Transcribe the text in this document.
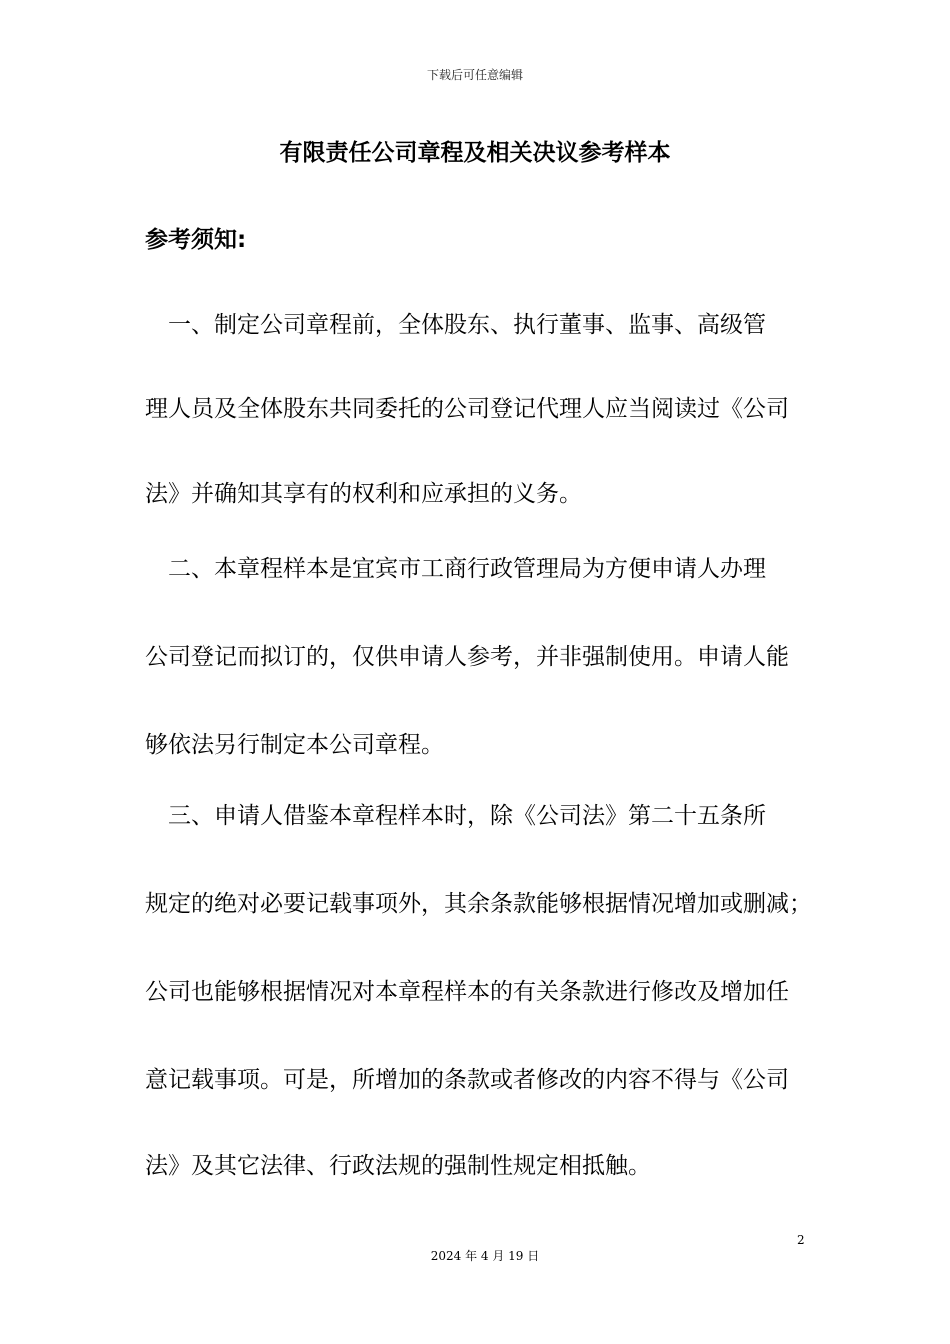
下载后可任意编辑
有限责任公司章程及相关决议参考样本
参考须知:
一、制定公司章程前，全体股东、执行董事、监事、高级管
理人员及全体股东共同委托的公司登记代理人应当阅读过《公司
法》并确知其享有的权利和应承担的义务。
二、本章程样本是宜宾市工商行政管理局为方便申请人办理
公司登记而拟订的，仅供申请人参考，并非强制使用。申请人能
够依法另行制定本公司章程。
三、申请人借鉴本章程样本时，除《公司法》第二十五条所
规定的绝对必要记载事项外，其余条款能够根据情况增加或删减；
公司也能够根据情况对本章程样本的有关条款进行修改及增加任
意记载事项。可是，所增加的条款或者修改的内容不得与《公司
法》及其它法律、行政法规的强制性规定相抵触。
2
2024 年 4 月 19 日
